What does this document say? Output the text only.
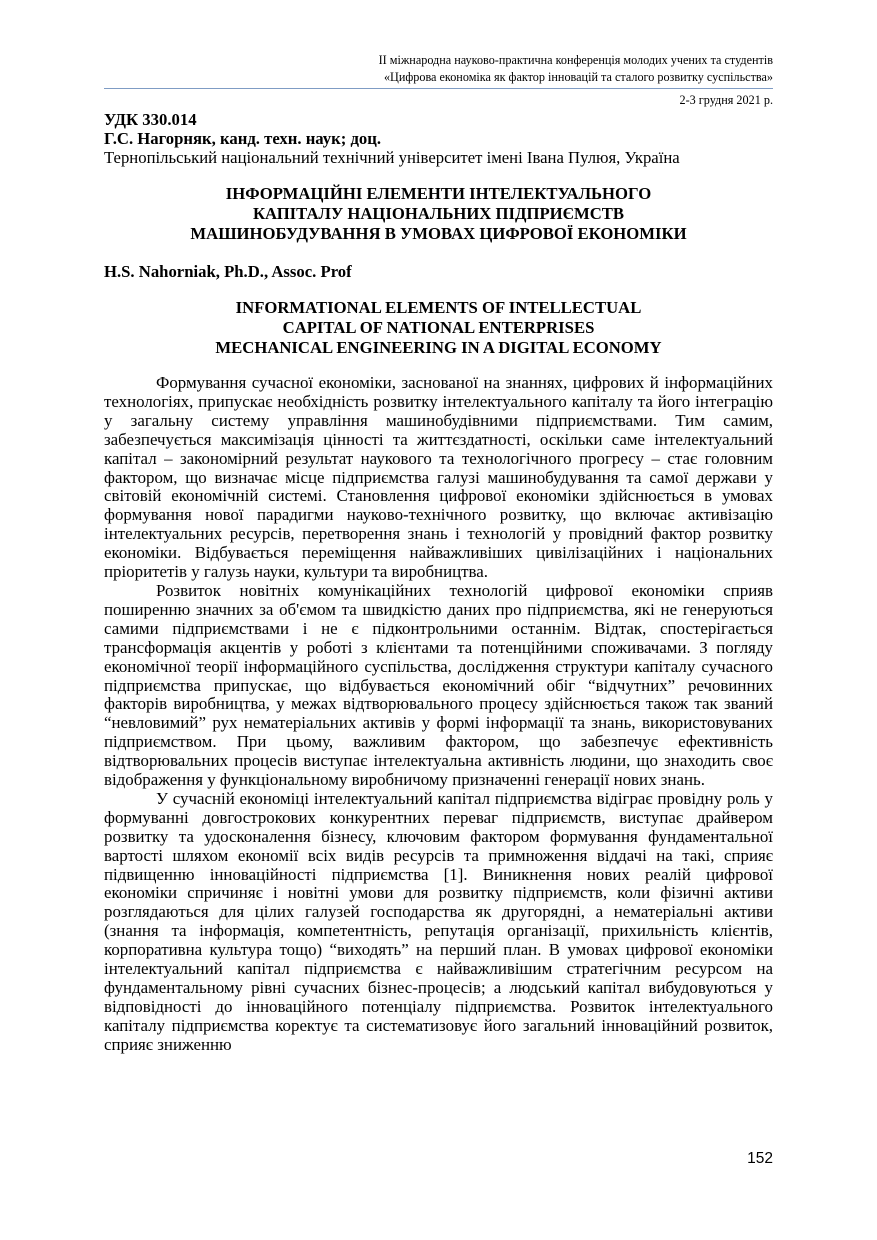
ІІ міжнародна науково-практична конференція молодих учених та студентів
«Цифрова економіка як фактор інновацій та сталого розвитку суспільства»
2-3 грудня 2021 р.
УДК 330.014
Г.С. Нагорняк, канд. техн. наук; доц.
Тернопільський національний технічний університет імені Івана Пулюя, Україна
ІНФОРМАЦІЙНІ ЕЛЕМЕНТИ ІНТЕЛЕКТУАЛЬНОГО
КАПІТАЛУ НАЦІОНАЛЬНИХ ПІДПРИЄМСТВ
МАШИНОБУДУВАННЯ В УМОВАХ ЦИФРОВОЇ ЕКОНОМІКИ
H.S. Nahorniak, Ph.D., Assoc. Prof
INFORMATIONAL ELEMENTS OF INTELLECTUAL
CAPITAL OF NATIONAL ENTERPRISES
MECHANICAL ENGINEERING IN A DIGITAL ECONOMY

Формування сучасної економіки, заснованої на знаннях, цифрових й інформаційних технологіях, припускає необхідність розвитку інтелектуального капіталу та його інтеграцію у загальну систему управління машинобудівними підприємствами. Тим самим, забезпечується максимізація цінності та життєздатності, оскільки саме інтелектуальний капітал – закономірний результат наукового та технологічного прогресу – стає головним фактором, що визначає місце підприємства галузі машинобудування та самої держави у світовій економічній системі. Становлення цифрової економіки здійснюється в умовах формування нової парадигми науково-технічного розвитку, що включає активізацію інтелектуальних ресурсів, перетворення знань і технологій у провідний фактор розвитку економіки. Відбувається переміщення найважливіших цивілізаційних і національних пріоритетів у галузь науки, культури та виробництва.

Розвиток новітніх комунікаційних технологій цифрової економіки сприяв поширенню значних за об'ємом та швидкістю даних про підприємства, які не генеруються самими підприємствами і не є підконтрольними останнім. Відтак, спостерігається трансформація акцентів у роботі з клієнтами та потенційними споживачами. З погляду економічної теорії інформаційного суспільства, дослідження структури капіталу сучасного підприємства припускає, що відбувається економічний обіг “відчутних” речовинних факторів виробництва, у межах відтворювального процесу здійснюється також так званий “невловимий” рух нематеріальних активів у формі інформації та знань, використовуваних підприємством. При цьому, важливим фактором, що забезпечує ефективність відтворювальних процесів виступає інтелектуальна активність людини, що знаходить своє відображення у функціональному виробничому призначенні генерації нових знань.

У сучасній економіці інтелектуальний капітал підприємства відіграє провідну роль у формуванні довгострокових конкурентних переваг підприємств, виступає драйвером розвитку та удосконалення бізнесу, ключовим фактором формування фундаментальної вартості шляхом економії всіх видів ресурсів та примноження віддачі на такі, сприяє підвищенню інноваційності підприємства [1]. Виникнення нових реалій цифрової економіки спричиняє і новітні умови для розвитку підприємств, коли фізичні активи розглядаються для цілих галузей господарства як другорядні, а нематеріальні активи (знання та інформація, компетентність, репутація організації, прихильність клієнтів, корпоративна культура тощо) “виходять” на перший план. В умовах цифрової економіки інтелектуальний капітал підприємства є найважливішим стратегічним ресурсом на фундаментальному рівні сучасних бізнес-процесів; а людський капітал вибудовуються у відповідності до інноваційного потенціалу підприємства. Розвиток інтелектуального капіталу підприємства коректує та систематизовує його загальний інноваційний розвиток, сприяє зниженню

152
